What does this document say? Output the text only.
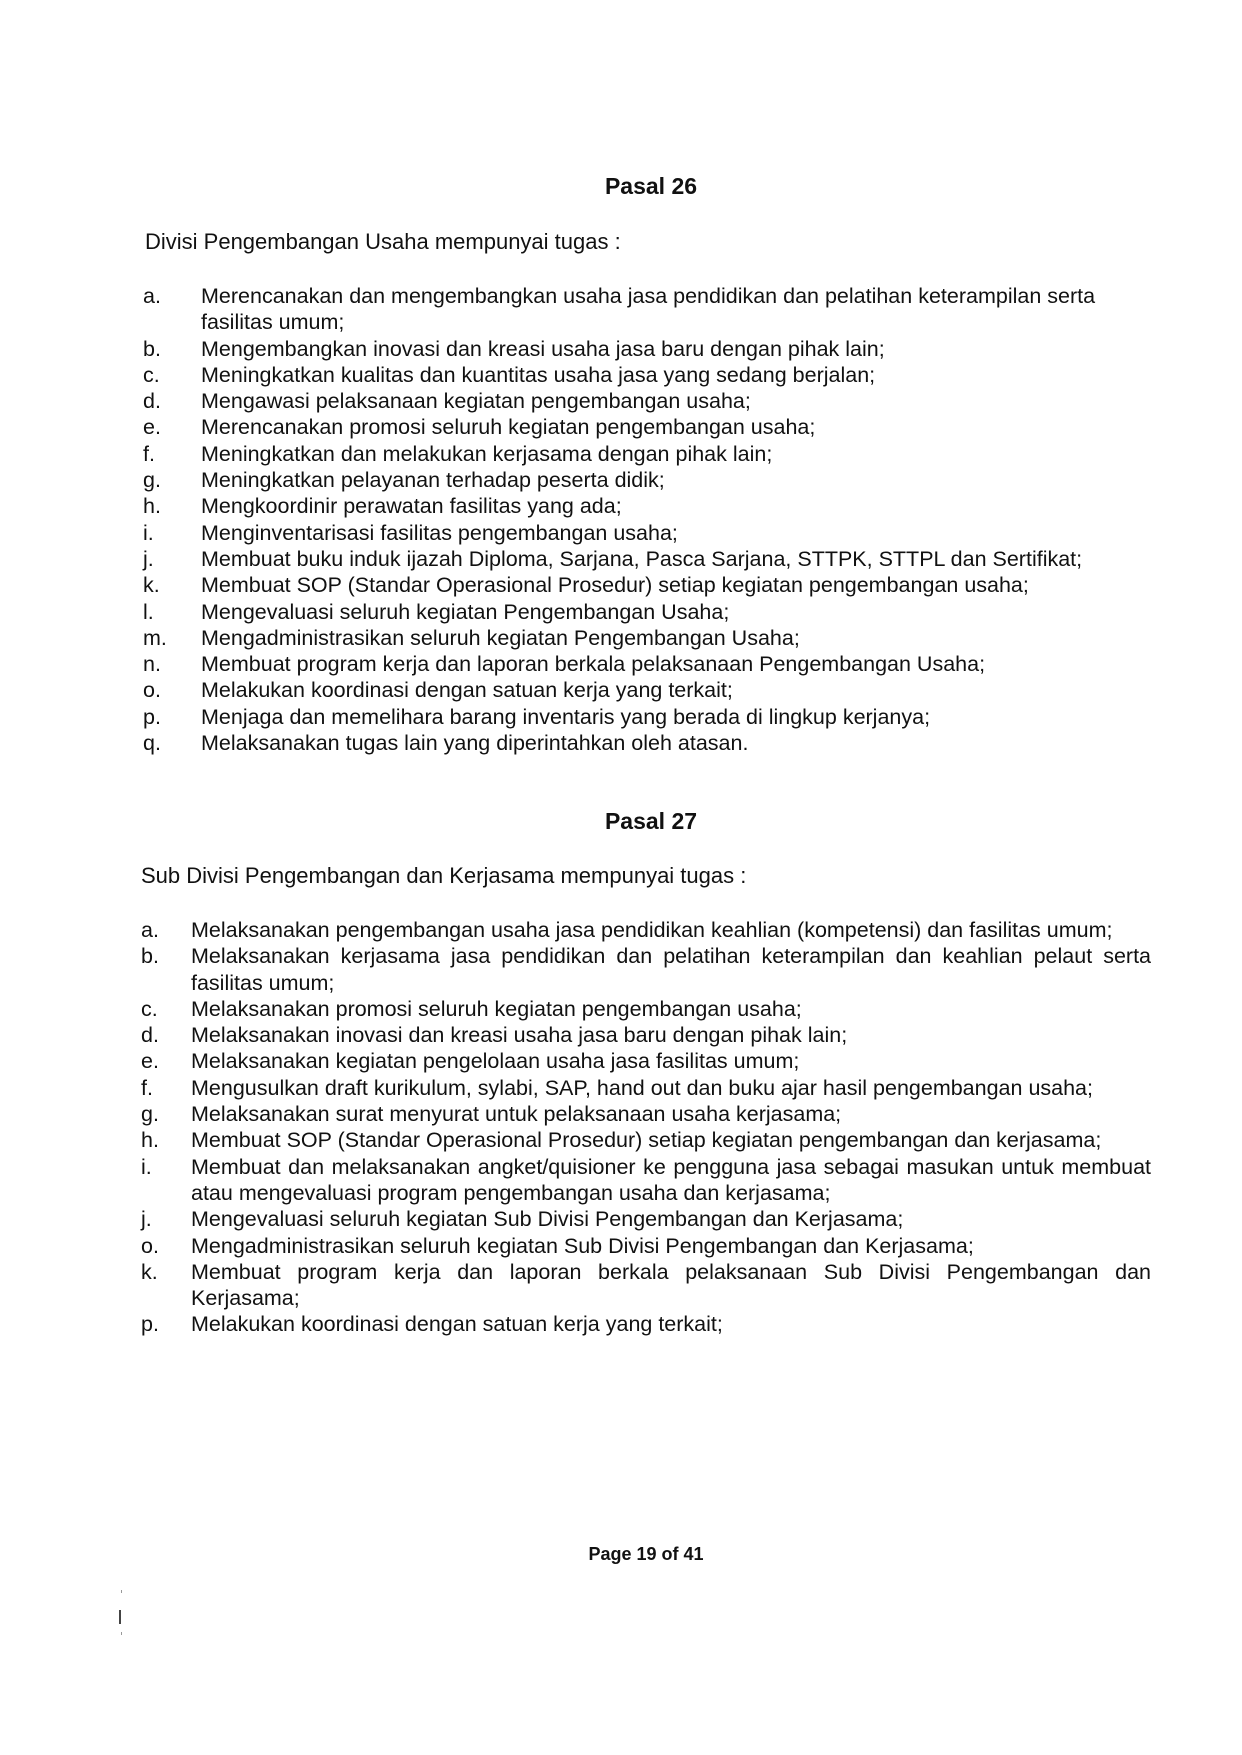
Pasal 26
Divisi Pengembangan Usaha mempunyai tugas :
a.	Merencanakan dan mengembangkan usaha jasa pendidikan dan pelatihan keterampilan serta fasilitas umum;
b.	Mengembangkan inovasi dan kreasi usaha jasa baru dengan pihak lain;
c.	Meningkatkan kualitas dan kuantitas usaha jasa yang sedang berjalan;
d.	Mengawasi pelaksanaan kegiatan pengembangan usaha;
e.	Merencanakan promosi seluruh kegiatan pengembangan usaha;
f.	Meningkatkan dan melakukan kerjasama dengan pihak lain;
g.	Meningkatkan pelayanan terhadap peserta didik;
h.	Mengkoordinir perawatan fasilitas yang ada;
i.	Menginventarisasi fasilitas pengembangan usaha;
j.	Membuat buku induk ijazah Diploma, Sarjana, Pasca Sarjana, STTPK, STTPL dan Sertifikat;
k.	Membuat SOP (Standar Operasional Prosedur) setiap kegiatan pengembangan usaha;
l.	Mengevaluasi seluruh kegiatan Pengembangan Usaha;
m.	Mengadministrasikan seluruh kegiatan Pengembangan Usaha;
n.	Membuat program kerja dan laporan berkala pelaksanaan Pengembangan Usaha;
o.	Melakukan koordinasi dengan satuan kerja yang terkait;
p.	Menjaga dan memelihara barang inventaris yang berada di lingkup kerjanya;
q.	Melaksanakan tugas lain yang diperintahkan oleh atasan.
Pasal 27
Sub Divisi Pengembangan dan Kerjasama mempunyai tugas :
a.	Melaksanakan pengembangan usaha jasa pendidikan keahlian (kompetensi) dan fasilitas umum;
b.	Melaksanakan kerjasama jasa pendidikan dan pelatihan keterampilan dan keahlian pelaut serta fasilitas umum;
c.	Melaksanakan promosi seluruh kegiatan pengembangan usaha;
d.	Melaksanakan inovasi dan kreasi usaha jasa baru dengan pihak lain;
e.	Melaksanakan kegiatan pengelolaan usaha jasa fasilitas umum;
f.	Mengusulkan draft kurikulum, sylabi, SAP, hand out dan buku ajar hasil pengembangan usaha;
g.	Melaksanakan surat menyurat untuk pelaksanaan usaha kerjasama;
h.	Membuat SOP (Standar Operasional Prosedur) setiap kegiatan pengembangan dan kerjasama;
i.	Membuat dan melaksanakan angket/quisioner ke pengguna jasa sebagai masukan untuk membuat atau mengevaluasi program pengembangan usaha dan kerjasama;
j.	Mengevaluasi seluruh kegiatan Sub Divisi Pengembangan dan Kerjasama;
o.	Mengadministrasikan seluruh kegiatan Sub Divisi Pengembangan dan Kerjasama;
k.	Membuat program kerja dan laporan berkala pelaksanaan Sub Divisi Pengembangan dan Kerjasama;
p.	Melakukan koordinasi dengan satuan kerja yang terkait;
Page 19 of 41
